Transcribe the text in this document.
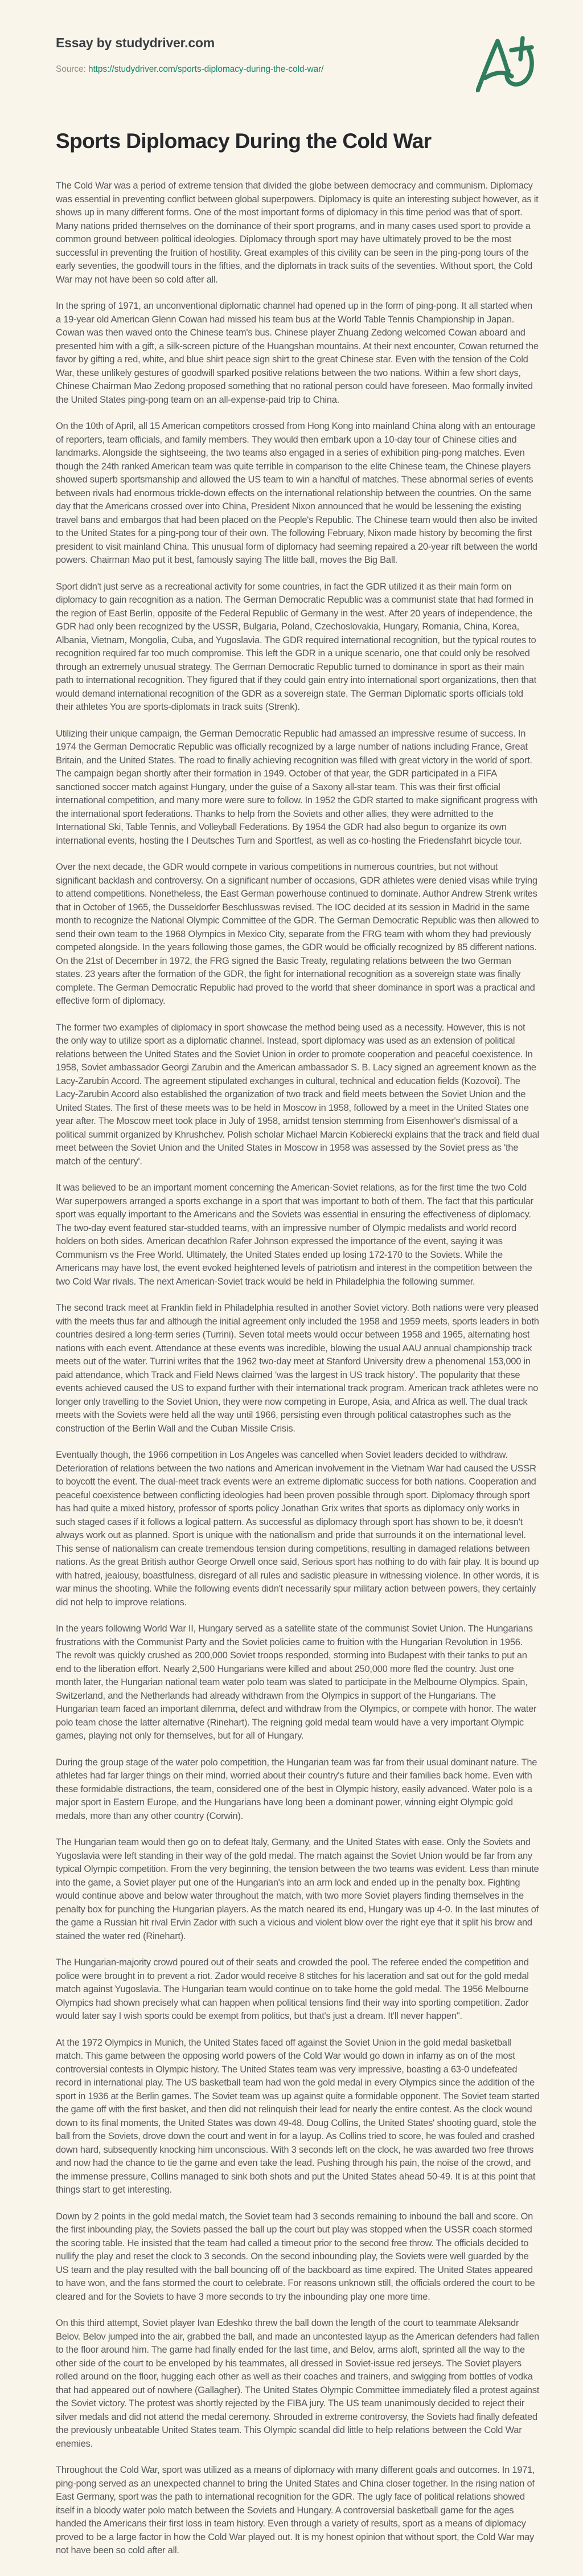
Essay by studydriver.com
Source: https://studydriver.com/sports-diplomacy-during-the-cold-war/
Sports Diplomacy During the Cold War

The Cold War was a period of extreme tension that divided the globe between democracy and communism. Diplomacy was essential in preventing conflict between global superpowers. Diplomacy is quite an interesting subject however, as it shows up in many different forms. One of the most important forms of diplomacy in this time period was that of sport. Many nations prided themselves on the dominance of their sport programs, and in many cases used sport to provide a common ground between political ideologies. Diplomacy through sport may have ultimately proved to be the most successful in preventing the fruition of hostility. Great examples of this civility can be seen in the ping-pong tours of the early seventies, the goodwill tours in the fifties, and the diplomats in track suits of the seventies. Without sport, the Cold War may not have been so cold after all.

In the spring of 1971, an unconventional diplomatic channel had opened up in the form of ping-pong. It all started when a 19-year old American Glenn Cowan had missed his team bus at the World Table Tennis Championship in Japan. Cowan was then waved onto the Chinese team's bus. Chinese player Zhuang Zedong welcomed Cowan aboard and presented him with a gift, a silk-screen picture of the Huangshan mountains. At their next encounter, Cowan returned the favor by gifting a red, white, and blue shirt peace sign shirt to the great Chinese star. Even with the tension of the Cold War, these unlikely gestures of goodwill sparked positive relations between the two nations. Within a few short days, Chinese Chairman Mao Zedong proposed something that no rational person could have foreseen. Mao formally invited the United States ping-pong team on an all-expense-paid trip to China.

On the 10th of April, all 15 American competitors crossed from Hong Kong into mainland China along with an entourage of reporters, team officials, and family members. They would then embark upon a 10-day tour of Chinese cities and landmarks. Alongside the sightseeing, the two teams also engaged in a series of exhibition ping-pong matches. Even though the 24th ranked American team was quite terrible in comparison to the elite Chinese team, the Chinese players showed superb sportsmanship and allowed the US team to win a handful of matches. These abnormal series of events between rivals had enormous trickle-down effects on the international relationship between the countries. On the same day that the Americans crossed over into China, President Nixon announced that he would be lessening the existing travel bans and embargos that had been placed on the People's Republic. The Chinese team would then also be invited to the United States for a ping-pong tour of their own. The following February, Nixon made history by becoming the first president to visit mainland China. This unusual form of diplomacy had seeming repaired a 20-year rift between the world powers. Chairman Mao put it best, famously saying The little ball, moves the Big Ball.

Sport didn't just serve as a recreational activity for some countries, in fact the GDR utilized it as their main form on diplomacy to gain recognition as a nation. The German Democratic Republic was a communist state that had formed in the region of East Berlin, opposite of the Federal Republic of Germany in the west. After 20 years of independence, the GDR had only been recognized by the USSR, Bulgaria, Poland, Czechoslovakia, Hungary, Romania, China, Korea, Albania, Vietnam, Mongolia, Cuba, and Yugoslavia. The GDR required international recognition, but the typical routes to recognition required far too much compromise. This left the GDR in a unique scenario, one that could only be resolved through an extremely unusual strategy. The German Democratic Republic turned to dominance in sport as their main path to international recognition. They figured that if they could gain entry into international sport organizations, then that would demand international recognition of the GDR as a sovereign state. The German Diplomatic sports officials told their athletes You are sports-diplomats in track suits (Strenk).

Utilizing their unique campaign, the German Democratic Republic had amassed an impressive resume of success. In 1974 the German Democratic Republic was officially recognized by a large number of nations including France, Great Britain, and the United States. The road to finally achieving recognition was filled with great victory in the world of sport. The campaign began shortly after their formation in 1949. October of that year, the GDR participated in a FIFA sanctioned soccer match against Hungary, under the guise of a Saxony all-star team. This was their first official international competition, and many more were sure to follow. In 1952 the GDR started to make significant progress with the international sport federations. Thanks to help from the Soviets and other allies, they were admitted to the International Ski, Table Tennis, and Volleyball Federations. By 1954 the GDR had also begun to organize its own international events, hosting the I Deutsches Turn and Sportfest, as well as co-hosting the Friedensfahrt bicycle tour.

Over the next decade, the GDR would compete in various competitions in numerous countries, but not without significant backlash and controversy. On a significant number of occasions, GDR athletes were denied visas while trying to attend competitions. Nonetheless, the East German powerhouse continued to dominate. Author Andrew Strenk writes that in October of 1965, the Dusseldorfer Beschlusswas revised. The IOC decided at its session in Madrid in the same month to recognize the National Olympic Committee of the GDR. The German Democratic Republic was then allowed to send their own team to the 1968 Olympics in Mexico City, separate from the FRG team with whom they had previously competed alongside. In the years following those games, the GDR would be officially recognized by 85 different nations. On the 21st of December in 1972, the FRG signed the Basic Treaty, regulating relations between the two German states. 23 years after the formation of the GDR, the fight for international recognition as a sovereign state was finally complete. The German Democratic Republic had proved to the world that sheer dominance in sport was a practical and effective form of diplomacy.

The former two examples of diplomacy in sport showcase the method being used as a necessity. However, this is not the only way to utilize sport as a diplomatic channel. Instead, sport diplomacy was used as an extension of political relations between the United States and the Soviet Union in order to promote cooperation and peaceful coexistence. In 1958, Soviet ambassador Georgi Zarubin and the American ambassador S. B. Lacy signed an agreement known as the Lacy-Zarubin Accord. The agreement stipulated exchanges in cultural, technical and education fields (Kozovoi). The Lacy-Zarubin Accord also established the organization of two track and field meets between the Soviet Union and the United States. The first of these meets was to be held in Moscow in 1958, followed by a meet in the United States one year after. The Moscow meet took place in July of 1958, amidst tension stemming from Eisenhower's dismissal of a political summit organized by Khrushchev. Polish scholar Michael Marcin Kobierecki explains that the track and field dual meet between the Soviet Union and the United States in Moscow in 1958 was assessed by the Soviet press as 'the match of the century'.

It was believed to be an important moment concerning the American-Soviet relations, as for the first time the two Cold War superpowers arranged a sports exchange in a sport that was important to both of them. The fact that this particular sport was equally important to the Americans and the Soviets was essential in ensuring the effectiveness of diplomacy. The two-day event featured star-studded teams, with an impressive number of Olympic medalists and world record holders on both sides. American decathlon Rafer Johnson expressed the importance of the event, saying it was Communism vs the Free World. Ultimately, the United States ended up losing 172-170 to the Soviets. While the Americans may have lost, the event evoked heightened levels of patriotism and interest in the competition between the two Cold War rivals. The next American-Soviet track would be held in Philadelphia the following summer.

The second track meet at Franklin field in Philadelphia resulted in another Soviet victory. Both nations were very pleased with the meets thus far and although the initial agreement only included the 1958 and 1959 meets, sports leaders in both countries desired a long-term series (Turrini). Seven total meets would occur between 1958 and 1965, alternating host nations with each event. Attendance at these events was incredible, blowing the usual AAU annual championship track meets out of the water. Turrini writes that the 1962 two-day meet at Stanford University drew a phenomenal 153,000 in paid attendance, which Track and Field News claimed 'was the largest in US track history'. The popularity that these events achieved caused the US to expand further with their international track program. American track athletes were no longer only travelling to the Soviet Union, they were now competing in Europe, Asia, and Africa as well. The dual track meets with the Soviets were held all the way until 1966, persisting even through political catastrophes such as the construction of the Berlin Wall and the Cuban Missile Crisis.

Eventually though, the 1966 competition in Los Angeles was cancelled when Soviet leaders decided to withdraw. Deterioration of relations between the two nations and American involvement in the Vietnam War had caused the USSR to boycott the event. The dual-meet track events were an extreme diplomatic success for both nations. Cooperation and peaceful coexistence between conflicting ideologies had been proven possible through sport. Diplomacy through sport has had quite a mixed history, professor of sports policy Jonathan Grix writes that sports as diplomacy only works in such staged cases if it follows a logical pattern. As successful as diplomacy through sport has shown to be, it doesn't always work out as planned. Sport is unique with the nationalism and pride that surrounds it on the international level. This sense of nationalism can create tremendous tension during competitions, resulting in damaged relations between nations. As the great British author George Orwell once said, Serious sport has nothing to do with fair play. It is bound up with hatred, jealousy, boastfulness, disregard of all rules and sadistic pleasure in witnessing violence. In other words, it is war minus the shooting. While the following events didn't necessarily spur military action between powers, they certainly did not help to improve relations.

In the years following World War II, Hungary served as a satellite state of the communist Soviet Union. The Hungarians frustrations with the Communist Party and the Soviet policies came to fruition with the Hungarian Revolution in 1956. The revolt was quickly crushed as 200,000 Soviet troops responded, storming into Budapest with their tanks to put an end to the liberation effort. Nearly 2,500 Hungarians were killed and about 250,000 more fled the country. Just one month later, the Hungarian national team water polo team was slated to participate in the Melbourne Olympics. Spain, Switzerland, and the Netherlands had already withdrawn from the Olympics in support of the Hungarians. The Hungarian team faced an important dilemma, defect and withdraw from the Olympics, or compete with honor. The water polo team chose the latter alternative (Rinehart). The reigning gold medal team would have a very important Olympic games, playing not only for themselves, but for all of Hungary.

During the group stage of the water polo competition, the Hungarian team was far from their usual dominant nature. The athletes had far larger things on their mind, worried about their country's future and their families back home. Even with these formidable distractions, the team, considered one of the best in Olympic history, easily advanced. Water polo is a major sport in Eastern Europe, and the Hungarians have long been a dominant power, winning eight Olympic gold medals, more than any other country (Corwin).

The Hungarian team would then go on to defeat Italy, Germany, and the United States with ease. Only the Soviets and Yugoslavia were left standing in their way of the gold medal. The match against the Soviet Union would be far from any typical Olympic competition. From the very beginning, the tension between the two teams was evident. Less than minute into the game, a Soviet player put one of the Hungarian's into an arm lock and ended up in the penalty box. Fighting would continue above and below water throughout the match, with two more Soviet players finding themselves in the penalty box for punching the Hungarian players. As the match neared its end, Hungary was up 4-0. In the last minutes of the game a Russian hit rival Ervin Zador with such a vicious and violent blow over the right eye that it split his brow and stained the water red (Rinehart).

The Hungarian-majority crowd poured out of their seats and crowded the pool. The referee ended the competition and police were brought in to prevent a riot. Zador would receive 8 stitches for his laceration and sat out for the gold medal match against Yugoslavia. The Hungarian team would continue on to take home the gold medal. The 1956 Melbourne Olympics had shown precisely what can happen when political tensions find their way into sporting competition. Zador would later say I wish sports could be exempt from politics, but that's just a dream. It'll never happen".

At the 1972 Olympics in Munich, the United States faced off against the Soviet Union in the gold medal basketball match. This game between the opposing world powers of the Cold War would go down in infamy as on of the most controversial contests in Olympic history. The United States team was very impressive, boasting a 63-0 undefeated record in international play. The US basketball team had won the gold medal in every Olympics since the addition of the sport in 1936 at the Berlin games. The Soviet team was up against quite a formidable opponent. The Soviet team started the game off with the first basket, and then did not relinquish their lead for nearly the entire contest. As the clock wound down to its final moments, the United States was down 49-48. Doug Collins, the United States' shooting guard, stole the ball from the Soviets, drove down the court and went in for a layup. As Collins tried to score, he was fouled and crashed down hard, subsequently knocking him unconscious. With 3 seconds left on the clock, he was awarded two free throws and now had the chance to tie the game and even take the lead. Pushing through his pain, the noise of the crowd, and the immense pressure, Collins managed to sink both shots and put the United States ahead 50-49. It is at this point that things start to get interesting.

Down by 2 points in the gold medal match, the Soviet team had 3 seconds remaining to inbound the ball and score. On the first inbounding play, the Soviets passed the ball up the court but play was stopped when the USSR coach stormed the scoring table. He insisted that the team had called a timeout prior to the second free throw. The officials decided to nullify the play and reset the clock to 3 seconds. On the second inbounding play, the Soviets were well guarded by the US team and the play resulted with the ball bouncing off of the backboard as time expired. The United States appeared to have won, and the fans stormed the court to celebrate. For reasons unknown still, the officials ordered the court to be cleared and for the Soviets to have 3 more seconds to try the inbounding play one more time.

On this third attempt, Soviet player Ivan Edeshko threw the ball down the length of the court to teammate Aleksandr Belov. Belov jumped into the air, grabbed the ball, and made an uncontested layup as the American defenders had fallen to the floor around him. The game had finally ended for the last time, and Belov, arms aloft, sprinted all the way to the other side of the court to be enveloped by his teammates, all dressed in Soviet-issue red jerseys. The Soviet players rolled around on the floor, hugging each other as well as their coaches and trainers, and swigging from bottles of vodka that had appeared out of nowhere (Gallagher). The United States Olympic Committee immediately filed a protest against the Soviet victory. The protest was shortly rejected by the FIBA jury. The US team unanimously decided to reject their silver medals and did not attend the medal ceremony. Shrouded in extreme controversy, the Soviets had finally defeated the previously unbeatable United States team. This Olympic scandal did little to help relations between the Cold War enemies.

Throughout the Cold War, sport was utilized as a means of diplomacy with many different goals and outcomes. In 1971, ping-pong served as an unexpected channel to bring the United States and China closer together. In the rising nation of East Germany, sport was the path to international recognition for the GDR. The ugly face of political relations showed itself in a bloody water polo match between the Soviets and Hungary. A controversial basketball game for the ages handed the Americans their first loss in team history. Even through a variety of results, sport as a means of diplomacy proved to be a large factor in how the Cold War played out. It is my honest opinion that without sport, the Cold War may not have been so cold after all.
